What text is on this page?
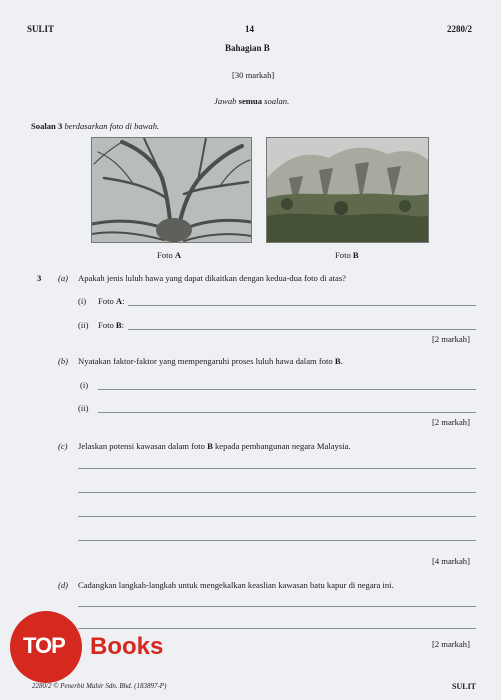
SULIT	14	2280/2
Bahagian B
[30 markah]
Jawab semua soalan.
Soalan 3 berdasarkan foto di bawah.
Foto A	Foto B
3 (a) Apakah jenis luluh hawa yang dapat dikaitkan dengan kedua-dua foto di atas?
(i) Foto A:
(ii) Foto B:
[2 markah]
(b) Nyatakan faktor-faktor yang mempengaruhi proses luluh hawa dalam foto B.
(i)
(ii)
[2 markah]
(c) Jelaskan potensi kawasan dalam foto B kepada pembangunan negara Malaysia.
[4 markah]
(d) Cadangkan langkah-langkah untuk mengekalkan keaslian kawasan batu kapur di negara ini.
[2 markah]
2280/2 © Penerbit Mahir Sdn. Bhd. (183897-P)	SULIT
TOP Books
